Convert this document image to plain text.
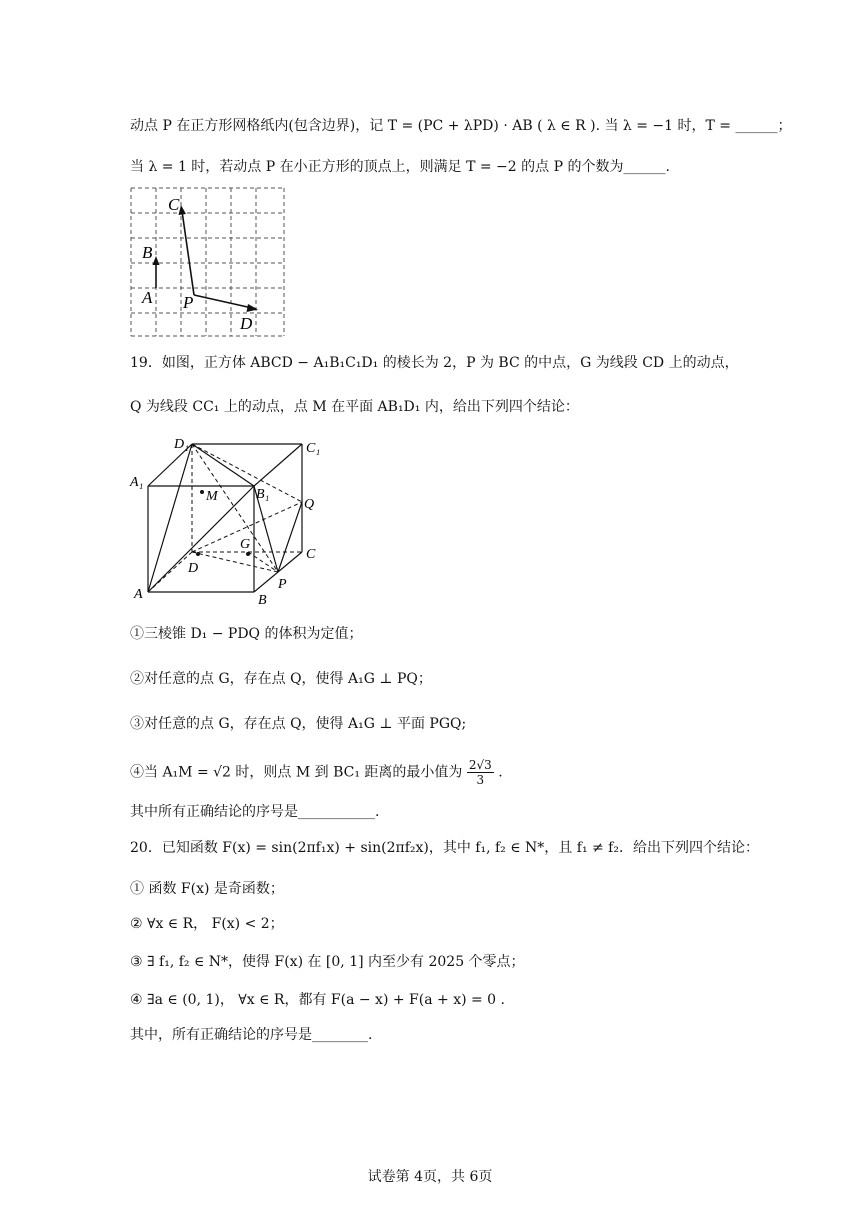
动点 P 在正方形网格纸内(包含边界)，记 T = (PC + λPD) · AB ( λ ∈ R ). 当 λ = −1 时，T = ______；
当 λ = 1 时，若动点 P 在小正方形的顶点上，则满足 T = −2 的点 P 的个数为______.
C
B
A P
D
19．如图，正方体 ABCD − A₁B₁C₁D₁ 的棱长为 2，P 为 BC 的中点，G 为线段 CD 上的动点，
Q 为线段 CC₁ 上的动点，点 M 在平面 AB₁D₁ 内，给出下列四个结论：
D₁	C₁
A₁
B₁
M
Q
G
C
D
A	B
P
①三棱锥 D₁ − PDQ 的体积为定值；
②对任意的点 G，存在点 Q，使得 A₁G ⊥ PQ；
③对任意的点 G，存在点 Q，使得 A₁G ⊥ 平面 PGQ;
④当 A₁M = √2 时，则点 M 到 BC₁ 距离的最小值为 $\frac{2√3}{3}$ .
其中所有正确结论的序号是___________.
20．已知函数 F(x) = sin(2πf₁x) + sin(2πf₂x)，其中 f₁, f₂ ∈ N*，且 f₁ ≠ f₂．给出下列四个结论：
① 函数 F(x) 是奇函数；
② ∀x ∈ R， F(x) < 2；
③ ∃ f₁, f₂ ∈ N*，使得 F(x) 在 [0, 1] 内至少有 2025 个零点；
④ ∃a ∈ (0, 1)， ∀x ∈ R，都有 F(a − x) + F(a + x) = 0 .
其中，所有正确结论的序号是________.
试卷第 4页，共 6页
